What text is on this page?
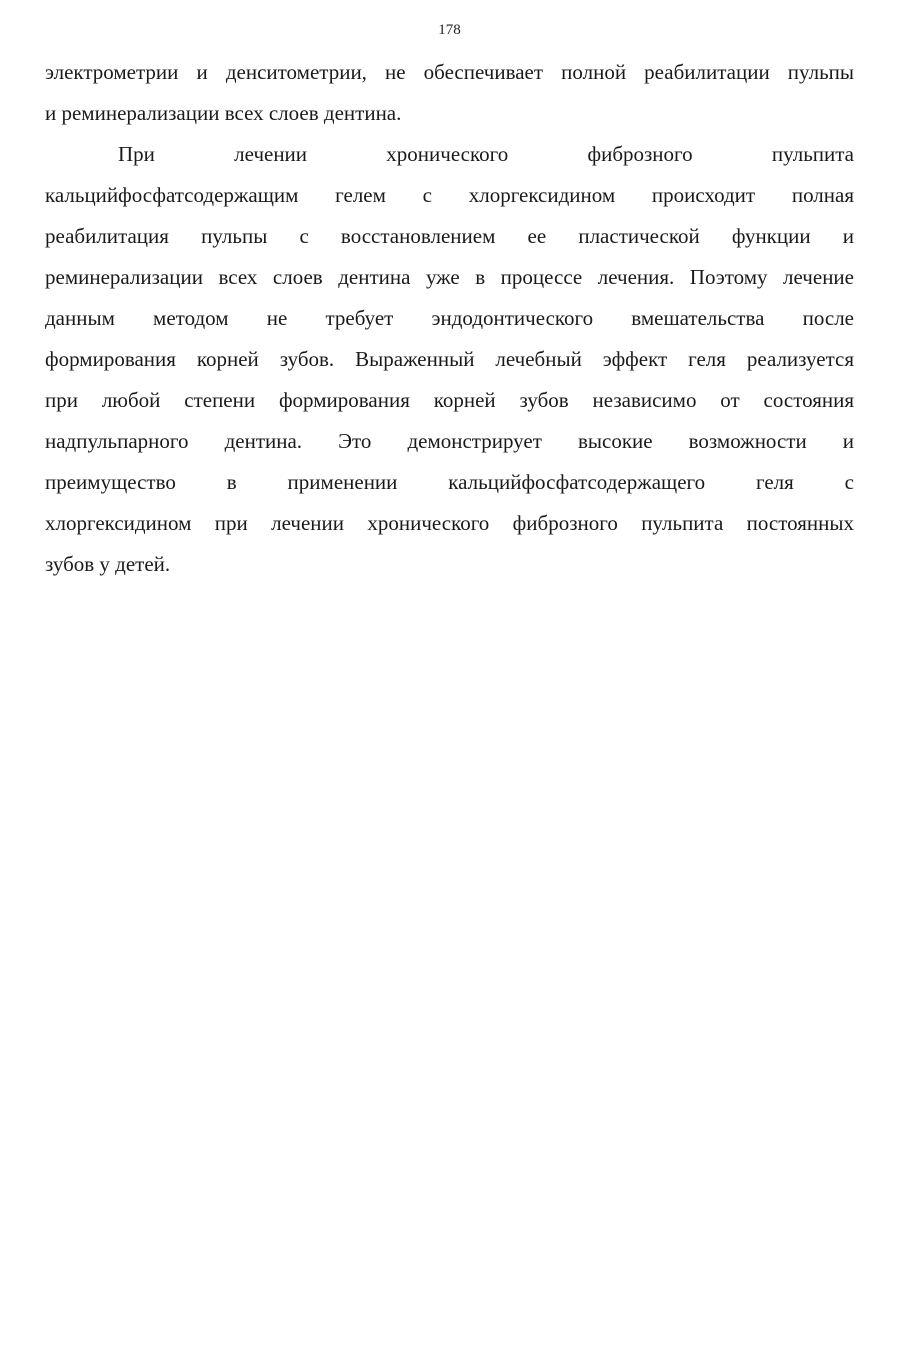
178
электрометрии и денситометрии, не обеспечивает полной реабилитации пульпы
и реминерализации всех слоев дентина.
При лечении хронического фиброзного пульпита
кальцийфосфатсодержащим гелем с хлоргексидином происходит полная
реабилитация пульпы с восстановлением ее пластической функции и
реминерализации всех слоев дентина уже в процессе лечения. Поэтому лечение
данным методом не требует эндодонтического вмешательства после
формирования корней зубов. Выраженный лечебный эффект геля реализуется
при любой степени формирования корней зубов независимо от состояния
надпульпарного дентина. Это демонстрирует высокие возможности и
преимущество в применении кальцийфосфатсодержащего геля с
хлоргексидином при лечении хронического фиброзного пульпита постоянных
зубов у детей.
